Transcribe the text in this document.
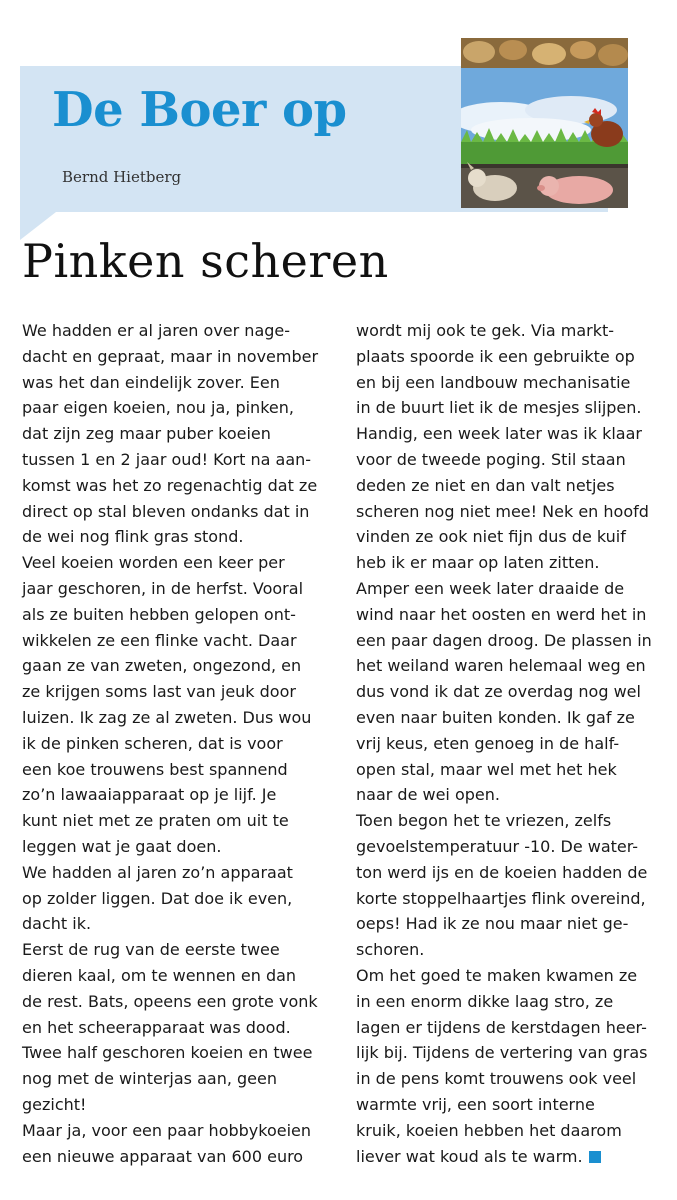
De Boer op
Bernd Hietberg
Pinken scheren
We hadden er al jaren over nage-
dacht en gepraat, maar in november
was het dan eindelijk zover. Een
paar eigen koeien, nou ja, pinken,
dat zijn zeg maar puber koeien
tussen 1 en 2 jaar oud! Kort na aan-
komst was het zo regenachtig dat ze
direct op stal bleven ondanks dat in
de wei nog flink gras stond.
Veel koeien worden een keer per
jaar geschoren, in de herfst. Vooral
als ze buiten hebben gelopen ont-
wikkelen ze een flinke vacht. Daar
gaan ze van zweten, ongezond, en
ze krijgen soms last van jeuk door
luizen. Ik zag ze al zweten. Dus wou
ik de pinken scheren, dat is voor
een koe trouwens best spannend
zo’n lawaaiapparaat op je lijf. Je
kunt niet met ze praten om uit te
leggen wat je gaat doen.
We hadden al jaren zo’n apparaat
op zolder liggen. Dat doe ik even,
dacht ik.
Eerst de rug van de eerste twee
dieren kaal, om te wennen en dan
de rest. Bats, opeens een grote vonk
en het scheerapparaat was dood.
Twee half geschoren koeien en twee
nog met de winterjas aan, geen
gezicht!
Maar ja, voor een paar hobbykoeien
een nieuwe apparaat van 600 euro
wordt mij ook te gek. Via markt-
plaats spoorde ik een gebruikte op
en bij een landbouw mechanisatie
in de buurt liet ik de mesjes slijpen.
Handig, een week later was ik klaar
voor de tweede poging. Stil staan
deden ze niet en dan valt netjes
scheren nog niet mee! Nek en hoofd
vinden ze ook niet fijn dus de kuif
heb ik er maar op laten zitten.
Amper een week later draaide de
wind naar het oosten en werd het in
een paar dagen droog. De plassen in
het weiland waren helemaal weg en
dus vond ik dat ze overdag nog wel
even naar buiten konden. Ik gaf ze
vrij keus, eten genoeg in de half-
open stal, maar wel met het hek
naar de wei open.
Toen begon het te vriezen, zelfs
gevoelstemperatuur -10. De water-
ton werd ijs en de koeien hadden de
korte stoppelhaartjes flink overeind,
oeps! Had ik ze nou maar niet ge-
schoren.
Om het goed te maken kwamen ze
in een enorm dikke laag stro, ze
lagen er tijdens de kerstdagen heer-
lijk bij. Tijdens de vertering van gras
in de pens komt trouwens ook veel
warmte vrij, een soort interne
kruik, koeien hebben het daarom
liever wat koud als te warm.
